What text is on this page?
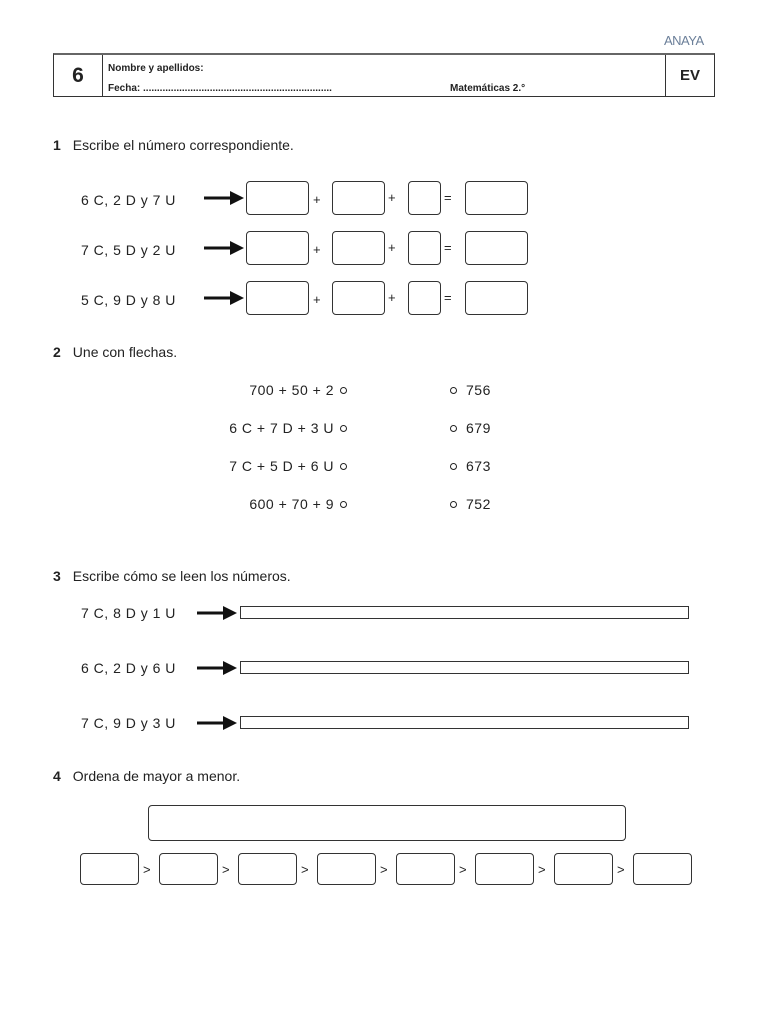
ANAYA
6	Nombre y apellidos:
Fecha: ....................................................................	Matemáticas 2.°
EV
1 Escribe el número correspondiente.
6 C, 2 D y 7 U	+	+	=
7 C, 5 D y 2 U	+	+	=
5 C, 9 D y 8 U	+	+	=
2 Une con flechas.
700 + 50 + 2	756
6 C + 7 D + 3 U	679
7 C + 5 D + 6 U	673
600 + 70 + 9	752
3 Escribe cómo se leen los números.
7 C, 8 D y 1 U
6 C, 2 D y 6 U
7 C, 9 D y 3 U
4 Ordena de mayor a menor.
>	>	>	>	>	>	>
